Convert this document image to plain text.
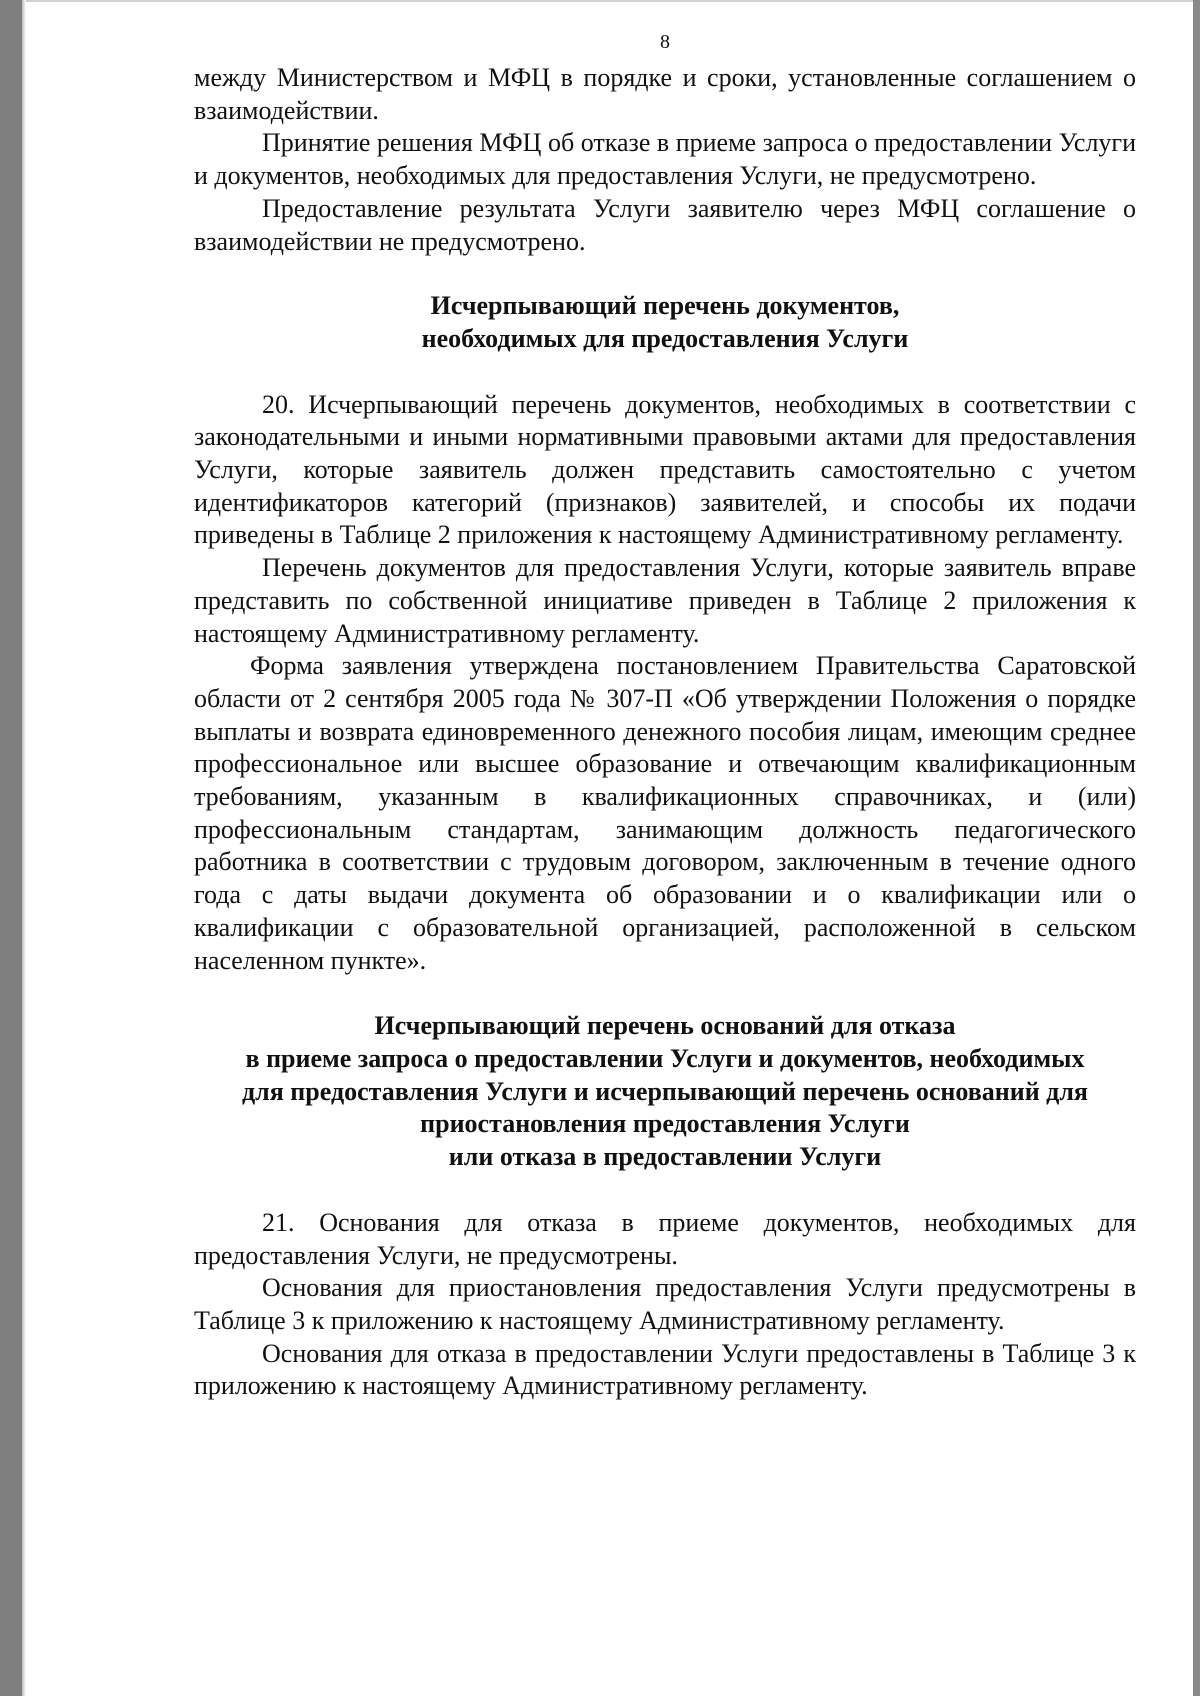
8

между Министерством и МФЦ в порядке и сроки, установленные соглашением о взаимодействии.

Принятие решения МФЦ об отказе в приеме запроса о предоставлении Услуги и документов, необходимых для предоставления Услуги, не предусмотрено.

Предоставление результата Услуги заявителю через МФЦ соглашение о взаимодействии не предусмотрено.

Исчерпывающий перечень документов,
необходимых для предоставления Услуги

20. Исчерпывающий перечень документов, необходимых в соответствии с законодательными и иными нормативными правовыми актами для предоставления Услуги, которые заявитель должен представить самостоятельно с учетом идентификаторов категорий (признаков) заявителей, и способы их подачи приведены в Таблице 2 приложения к настоящему Административному регламенту.

Перечень документов для предоставления Услуги, которые заявитель вправе представить по собственной инициативе приведен в Таблице 2 приложения к настоящему Административному регламенту.

Форма заявления утверждена постановлением Правительства Саратовской области от 2 сентября 2005 года № 307-П «Об утверждении Положения о порядке выплаты и возврата единовременного денежного пособия лицам, имеющим среднее профессиональное или высшее образование и отвечающим квалификационным требованиям, указанным в квалификационных справочниках, и (или) профессиональным стандартам, занимающим должность педагогического работника в соответствии с трудовым договором, заключенным в течение одного года с даты выдачи документа об образовании и о квалификации или о квалификации с образовательной организацией, расположенной в сельском населенном пункте».

Исчерпывающий перечень оснований для отказа
в приеме запроса о предоставлении Услуги и документов, необходимых
для предоставления Услуги и исчерпывающий перечень оснований для
приостановления предоставления Услуги
или отказа в предоставлении Услуги

21. Основания для отказа в приеме документов, необходимых для предоставления Услуги, не предусмотрены.

Основания для приостановления предоставления Услуги предусмотрены в Таблице 3 к приложению к настоящему Административному регламенту.

Основания для отказа в предоставлении Услуги предоставлены в Таблице 3 к приложению к настоящему Административному регламенту.
